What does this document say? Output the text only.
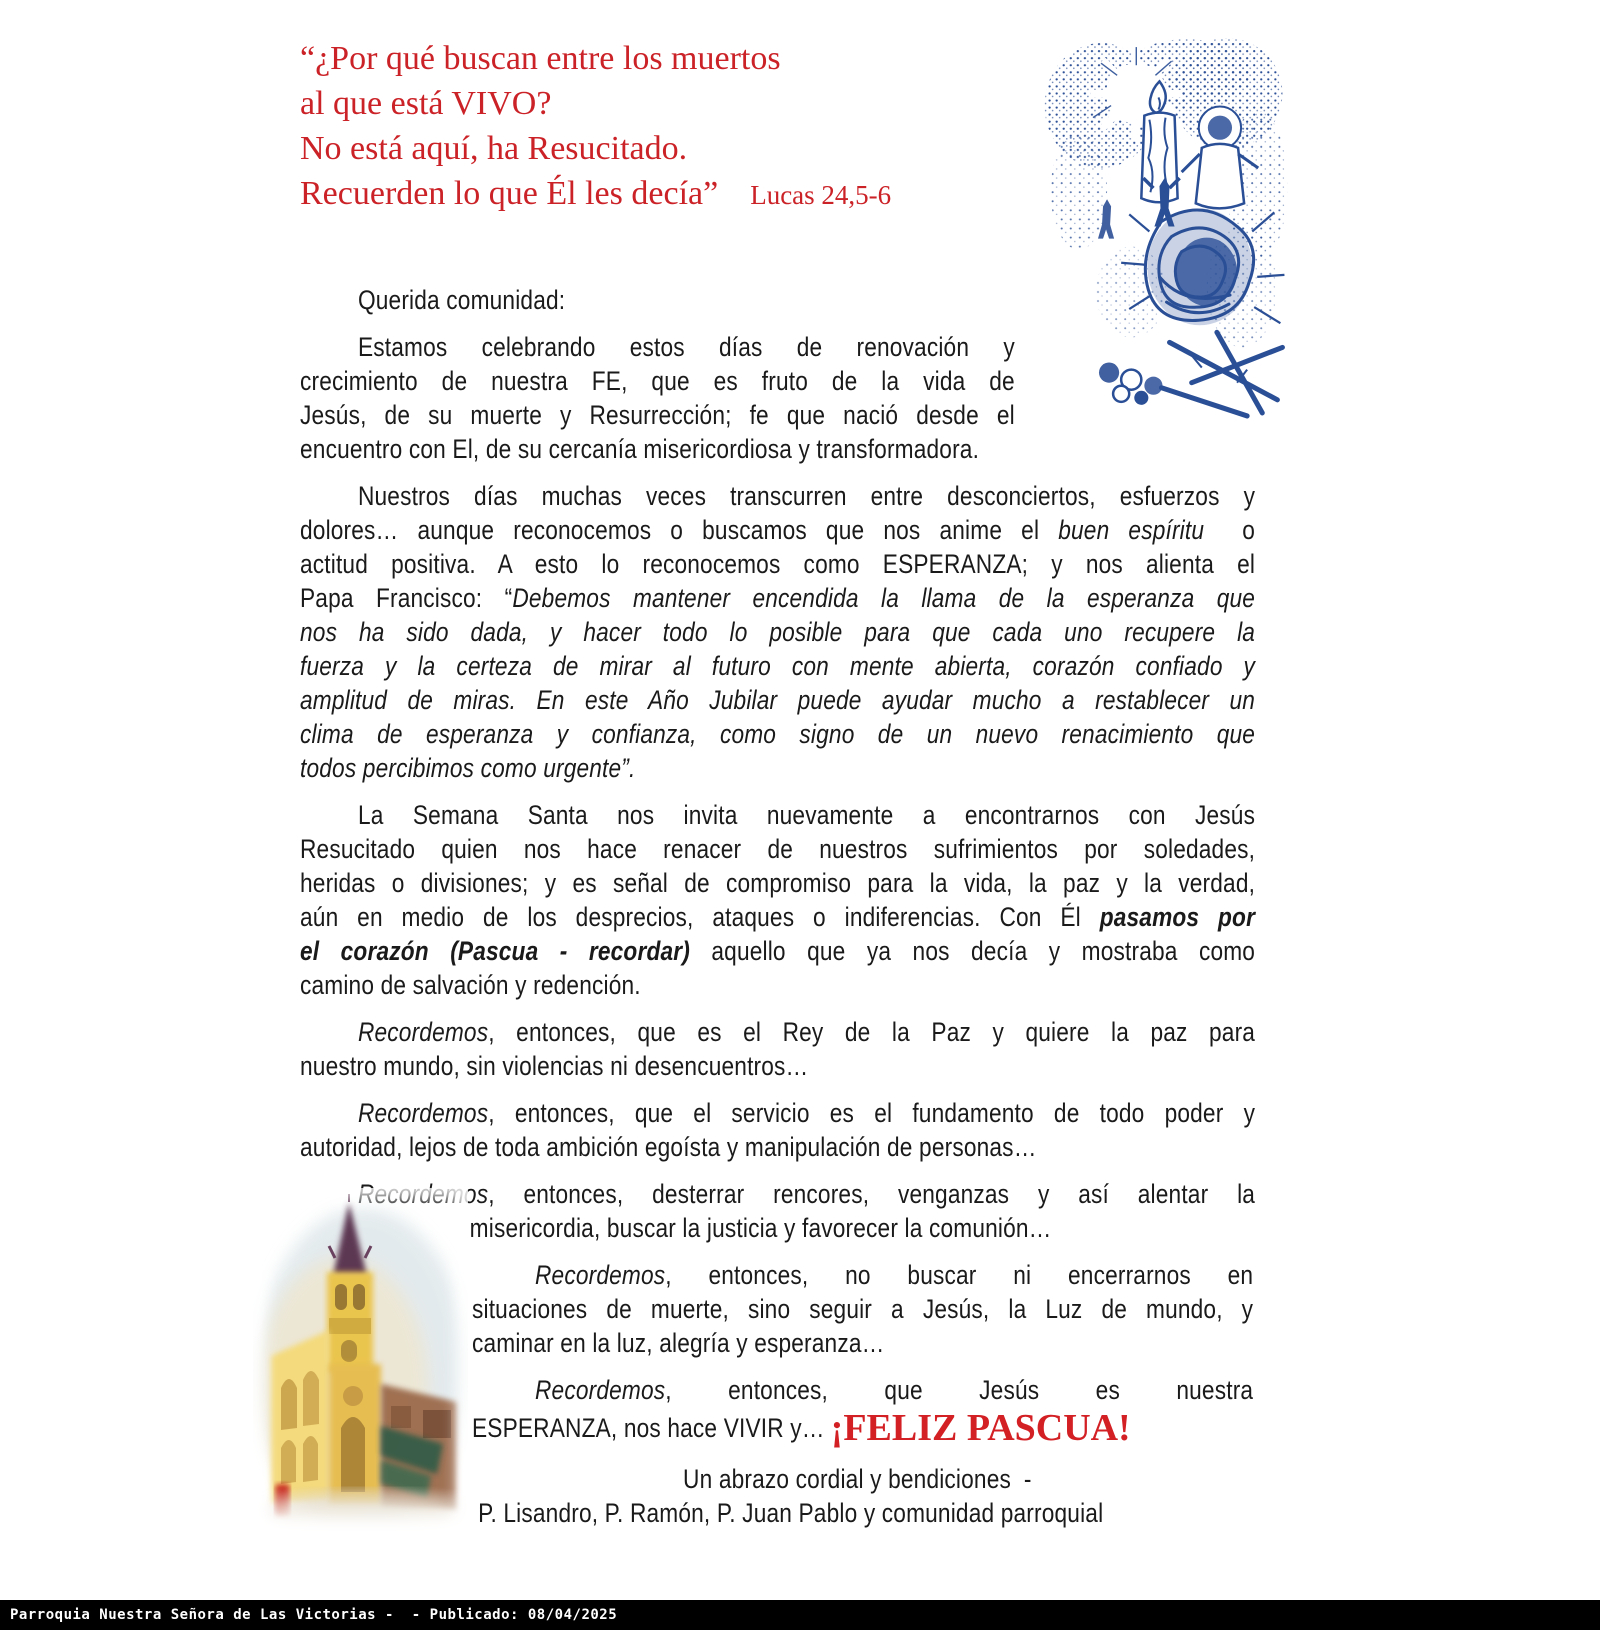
“¿Por qué buscan entre los muertos
al que está VIVO?
No está aquí, ha Resucitado.
Recuerden lo que Él les decía” Lucas 24,5-6
Querida comunidad:
Estamos celebrando estos días de renovación y
crecimiento de nuestra FE, que es fruto de la vida de
Jesús, de su muerte y Resurrección; fe que nació desde el
encuentro con El, de su cercanía misericordiosa y transformadora.
Nuestros días muchas veces transcurren entre desconciertos, esfuerzos y
dolores… aunque reconocemos o buscamos que nos anime el buen espíritu  o
actitud positiva. A esto lo reconocemos como ESPERANZA; y nos alienta el
Papa Francisco: “Debemos mantener encendida la llama de la esperanza que
nos ha sido dada, y hacer todo lo posible para que cada uno recupere la
fuerza y la certeza de mirar al futuro con mente abierta, corazón confiado y
amplitud de miras. En este Año Jubilar puede ayudar mucho a restablecer un
clima de esperanza y confianza, como signo de un nuevo renacimiento que
todos percibimos como urgente”.
La Semana Santa nos invita nuevamente a encontrarnos con Jesús
Resucitado quien nos hace renacer de nuestros sufrimientos por soledades,
heridas o divisiones; y es señal de compromiso para la vida, la paz y la verdad,
aún en medio de los desprecios, ataques o indiferencias. Con Él pasamos por
el corazón (Pascua - recordar) aquello que ya nos decía y mostraba como
camino de salvación y redención.
Recordemos, entonces, que es el Rey de la Paz y quiere la paz para
nuestro mundo, sin violencias ni desencuentros…
Recordemos, entonces, que el servicio es el fundamento de todo poder y
autoridad, lejos de toda ambición egoísta y manipulación de personas…
Recordemos, entonces, desterrar rencores, venganzas y así alentar la
misericordia, buscar la justicia y favorecer la comunión…
Recordemos, entonces, no buscar ni encerrarnos en
situaciones de muerte, sino seguir a Jesús, la Luz de mundo, y
caminar en la luz, alegría y esperanza…
Recordemos, entonces, que Jesús es nuestra
ESPERANZA, nos hace VIVIR y… ¡FELIZ PASCUA!
Un abrazo cordial y bendiciones  -
P. Lisandro, P. Ramón, P. Juan Pablo y comunidad parroquial
Parroquia Nuestra Señora de Las Victorias -  - Publicado: 08/04/2025
